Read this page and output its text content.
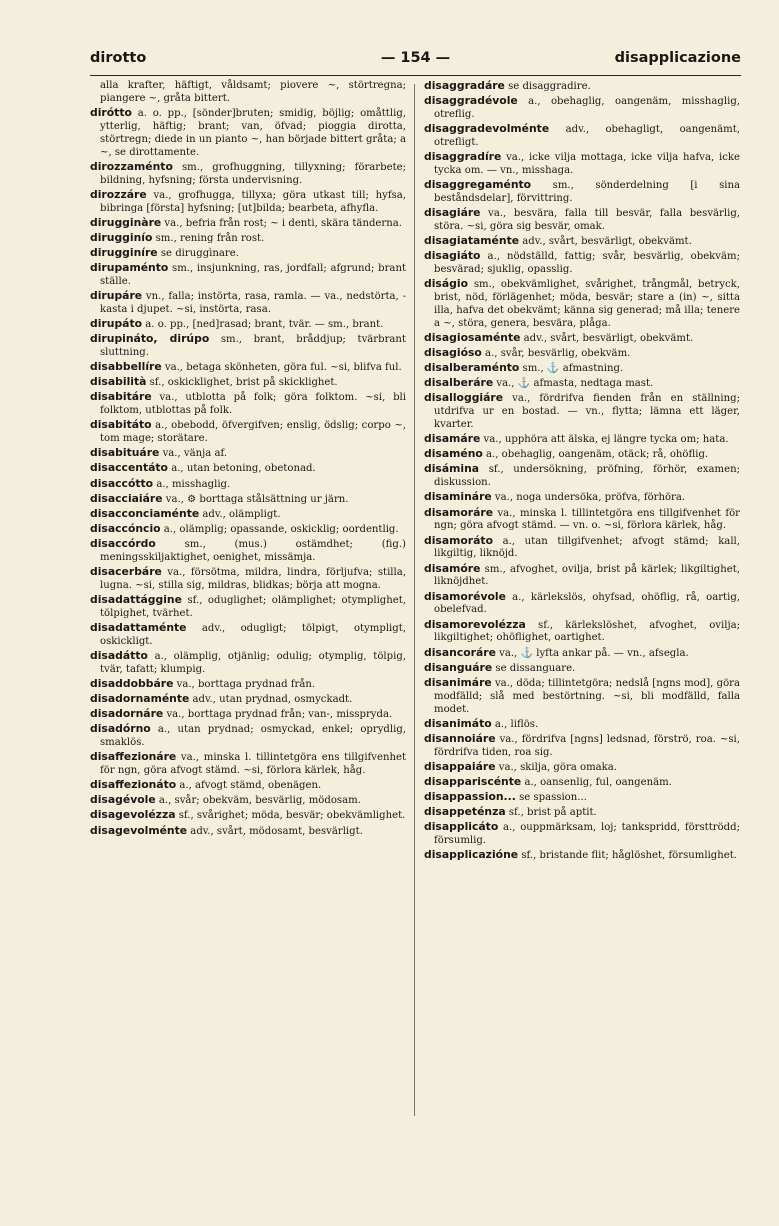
dirotto	— 154 —	disapplicazione
alla krafter, häftigt, våldsamt; piovere ~, störtregna; piangere ~, gråta bittert.
dirótto a. o. pp., [sönder]bruten; smidig, böjlig; omåttlig, ytterlig, häftig; brant; van, öfvad; pioggia dirotta, störtregn; diede in un pianto ~, han började bittert gråta; a ~, se dirottamente.
dirozzaménto sm., grofhuggning, tillyxning; förarbete; bildning, hyfsning; första undervisning.
dirozzáre va., grofhugga, tillyxa; göra utkast till; hyfsa, bibringa [första] hyfsning; [ut]bilda; bearbeta, afhyfla.
dirugginàre va., befria från rost; ~ i denti, skära tänderna.
dirugginío sm., rening från rost.
dirugginíre se diruggìnare.
dirupaménto sm., insjunkning, ras, jordfall; afgrund; brant ställe.
dirupáre vn., falla; instörta, rasa, ramla. — va., nedstörta, -kasta i djupet. ~si, instörta, rasa.
dirupáto a. o. pp., [ned]rasad; brant, tvär. — sm., brant.
dirupináto, dirúpo sm., brant, bråddjup; tvärbrant sluttning.
disabbellíre va., betaga skönheten, göra ful. ~si, blifva ful.
disabilità sf., oskicklighet, brist på skicklighet.
disabitáre va., utblotta på folk; göra folktom. ~si, bli folktom, utblottas på folk.
disabitáto a., obebodd, öfvergifven; enslig, ödslig; corpo ~, tom mage; storätare.
disabituáre va., vänja af.
disaccentáto a., utan betoning, obetonad.
disaccótto a., misshaglig.
disacciaiáre va., ⚙ borttaga stålsättning ur järn.
disacconciaménte adv., olämpligt.
disaccóncio a., olämplig; opassande, oskicklig; oordentlig.
disaccórdo sm., (mus.) ostämdhet; (fig.) meningsskiljaktighet, oenighet, missämja.
disacerbáre va., försötma, mildra, lindra, förljufva; stilla, lugna. ~si, stilla sig, mildras, blidkas; börja att mogna.
disadattággine sf., oduglighet; olämplighet; otymplighet, tölpighet, tvärhet.
disadattaménte adv., odugligt; tölpigt, otympligt, oskickligt.
disadátto a., olämplig, otjänlig; odulig; otymplig, tölpig, tvär, tafatt; klumpig.
disaddobbáre va., borttaga prydnad från.
disadornaménte adv., utan prydnad, osmyckadt.
disadornáre va., borttaga prydnad från; van-, misspryda.
disadórno a., utan prydnad; osmyckad, enkel; oprydlig, smaklös.
disaffezionáre va., minska l. tillintetgöra ens tillgifvenhet för ngn, göra afvogt stämd. ~si, förlora kärlek, håg.
disaffezionáto a., afvogt stämd, obenägen.
disagévole a., svår; obekväm, besvärlig, mödosam.
disagevolézza sf., svårighet; möda, besvär; obekvämlighet.
disagevolménte adv., svårt, mödosamt, besvärligt.
disaggradáre se disaggradire.
disaggradévole a., obehaglig, oangenäm, misshaglig, otreflig.
disaggradevolménte adv., obehagligt, oangenämt, otrefligt.
disaggradíre va., icke vilja mottaga, icke vilja hafva, icke tycka om. — vn., misshaga.
disaggregaménto sm., sönderdelning [i sina beståndsdelar], förvittring.
disagiáre va., besvära, falla till besvär, falla besvärlig, störa. ~si, göra sig besvär, omak.
disagiataménte adv., svårt, besvärligt, obekvämt.
disagiáto a., nödställd, fattig; svår, besvärlig, obekväm; besvärad; sjuklig, opasslig.
diságio sm., obekvämlighet, svårighet, trångmål, betryck, brist, nöd, förlägenhet; möda, besvär; stare a (in) ~, sitta illa, hafva det obekvämt; känna sig generad; må illa; tenere a ~, störa, genera, besvära, plåga.
disagiosaménte adv., svårt, besvärligt, obekvämt.
disagióso a., svår, besvärlig, obekväm.
disalberaménto sm., ⚓ afmastning.
disalberáre va., ⚓ afmasta, nedtaga mast.
disalloggiáre va., fördrifva fienden från en ställning; utdrifva ur en bostad. — vn., flytta; lämna ett läger, kvarter.
disamáre va., upphöra att älska, ej längre tycka om; hata.
disaméno a., obehaglig, oangenäm, otäck; rå, ohöflig.
disámina sf., undersökning, pröfning, förhör, examen; diskussion.
disamináre va., noga undersöka, pröfva, förhöra.
disamoráre va., minska l. tillintetgöra ens tillgifvenhet för ngn; göra afvogt stämd. — vn. o. ~si, förlora kärlek, håg.
disamoráto a., utan tillgifvenhet; afvogt stämd; kall, likgiltig, liknöjd.
disamóre sm., afvoghet, ovilja, brist på kärlek; likgiltighet, liknöjdhet.
disamorévole a., kärlekslös, ohyfsad, ohöflig, rå, oartig, obelefvad.
disamorevolézza sf., kärlekslöshet, afvoghet, ovilja; likgiltighet; ohöflighet, oartighet.
disancoráre va., ⚓ lyfta ankar på. — vn., afsegla.
disanguáre se dissanguare.
disanimáre va., döda; tillintetgöra; nedslå [ngns mod], göra modfälld; slå med bestörtning. ~si, bli modfälld, falla modet.
disanimáto a., liflös.
disannoiáre va., fördrifva [ngns] ledsnad, förströ, roa. ~si, fördrifva tiden, roa sig.
disappaiáre va., skilja, göra omaka.
disappariscénte a., oansenlig, ful, oangenäm.
disappassion... se spassion...
disappeténza sf., brist på aptit.
disapplicáto a., ouppmärksam, loj; tankspridd, försttrödd; försumlig.
disapplicazióne sf., bristande flit; håglöshet, försumlighet.
